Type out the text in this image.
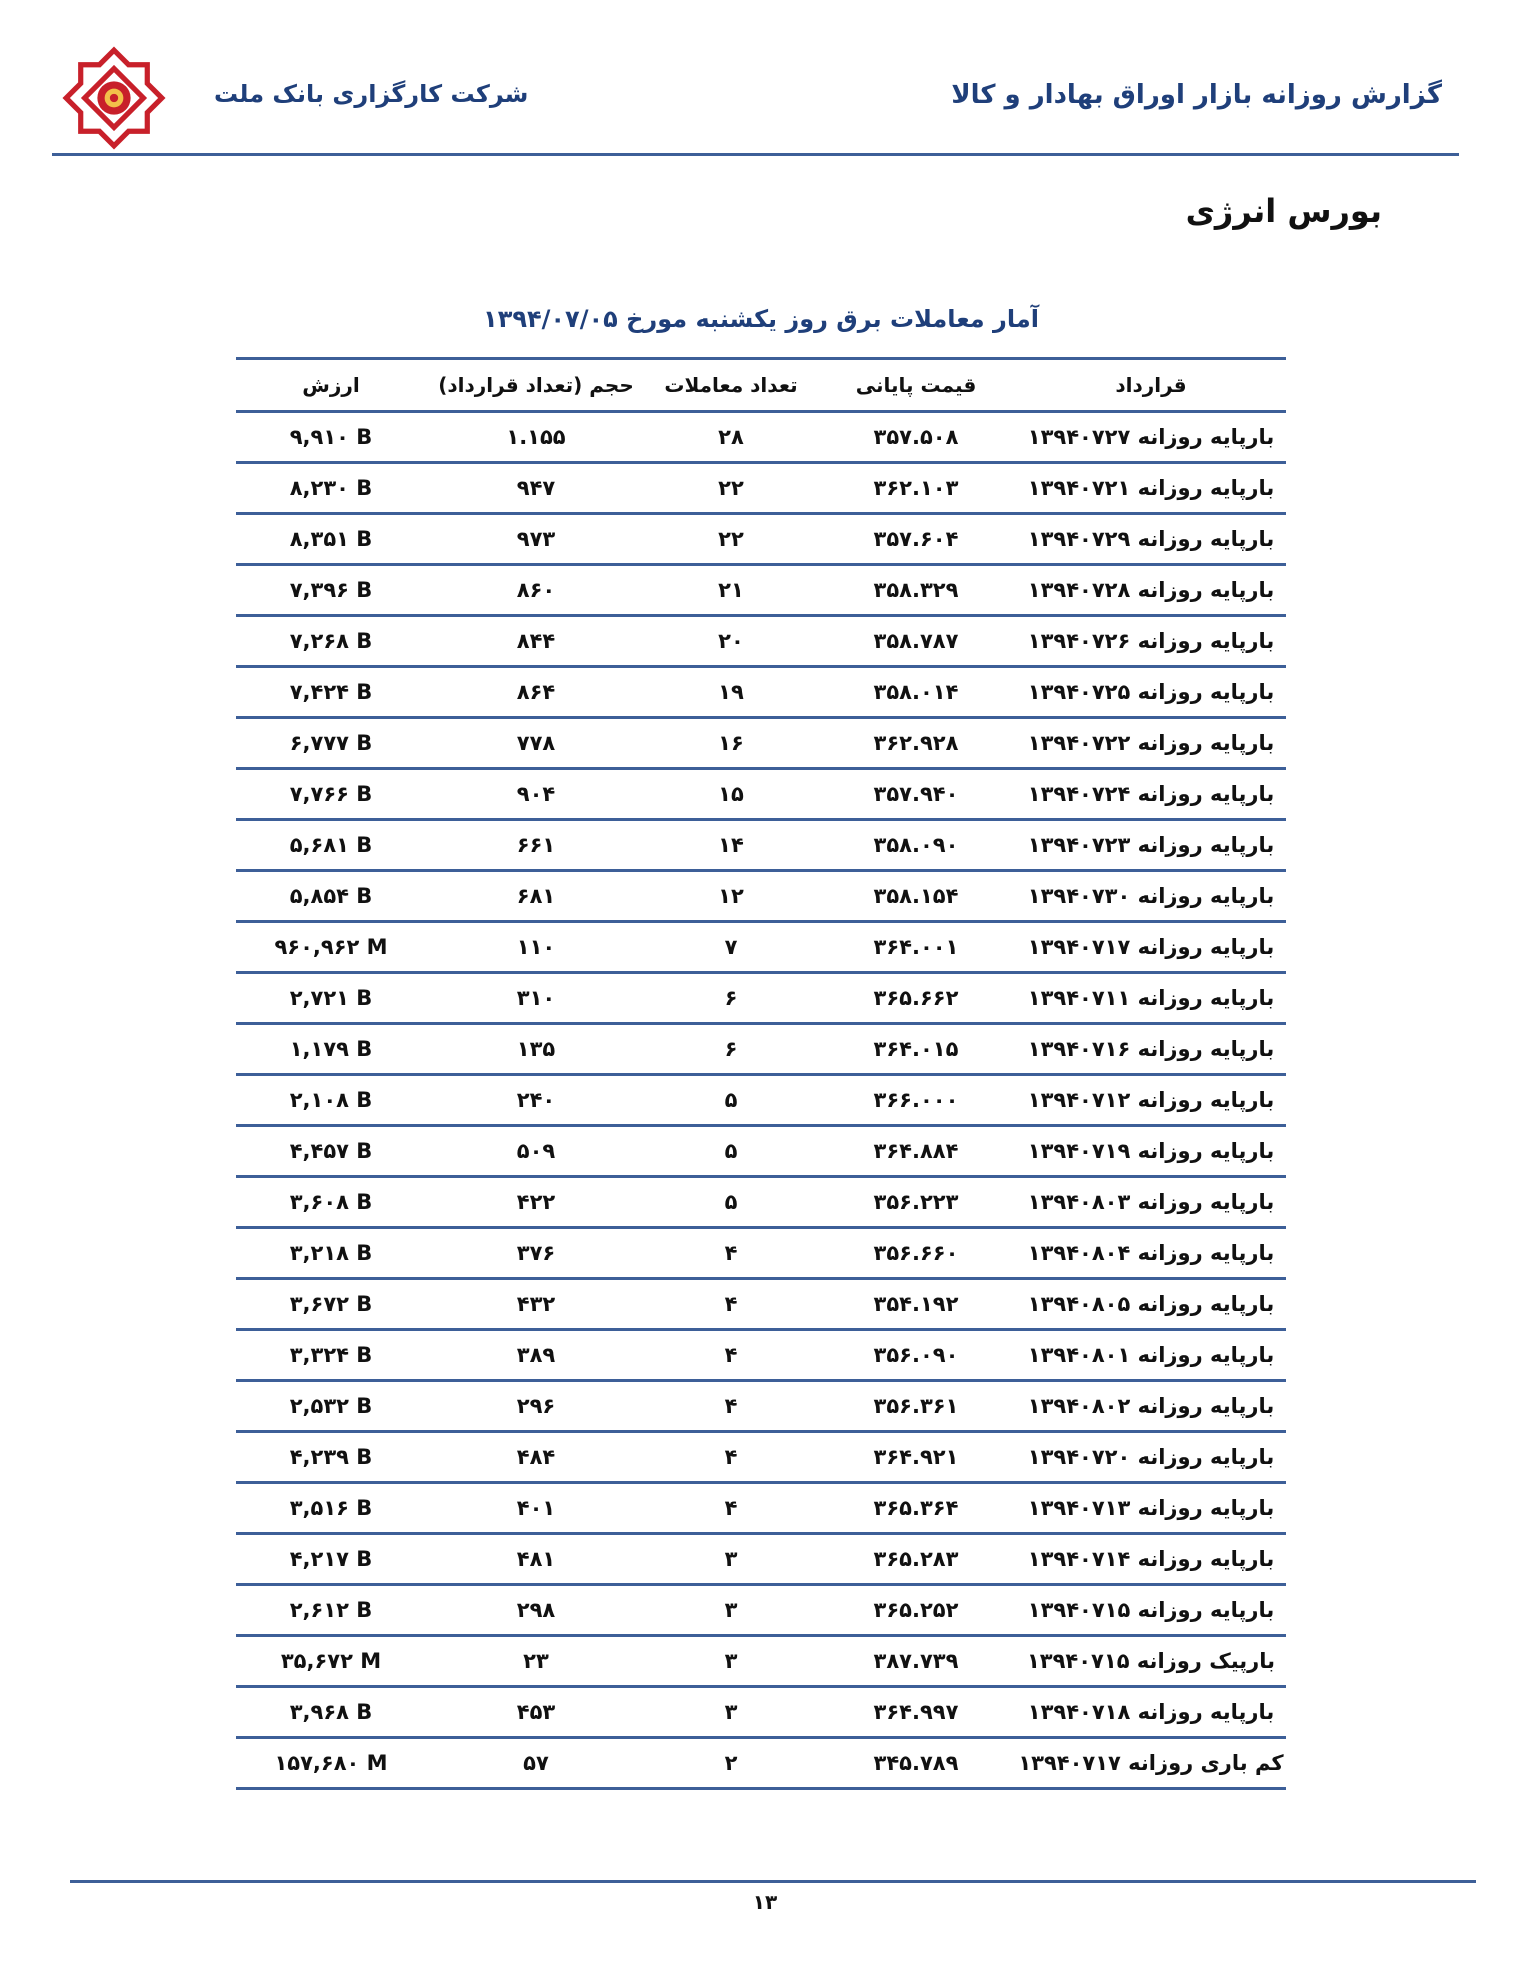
شرکت کارگزاری بانک ملت	گزارش روزانه بازار اوراق بهادار و کالا
بورس انرژی
آمار معاملات برق روز یکشنبه مورخ ۱۳۹۴/۰۷/۰۵
قرارداد	قیمت پایانی	تعداد معاملات	حجم (تعداد قرارداد)	ارزش
بارپایه روزانه ۱۳۹۴۰۷۲۷	۳۵۷.۵۰۸	۲۸	۱.۱۵۵	۹,۹۱۰ B
بارپایه روزانه ۱۳۹۴۰۷۲۱	۳۶۲.۱۰۳	۲۲	۹۴۷	۸,۲۳۰ B
بارپایه روزانه ۱۳۹۴۰۷۲۹	۳۵۷.۶۰۴	۲۲	۹۷۳	۸,۳۵۱ B
بارپایه روزانه ۱۳۹۴۰۷۲۸	۳۵۸.۳۲۹	۲۱	۸۶۰	۷,۳۹۶ B
بارپایه روزانه ۱۳۹۴۰۷۲۶	۳۵۸.۷۸۷	۲۰	۸۴۴	۷,۲۶۸ B
بارپایه روزانه ۱۳۹۴۰۷۲۵	۳۵۸.۰۱۴	۱۹	۸۶۴	۷,۴۲۴ B
بارپایه روزانه ۱۳۹۴۰۷۲۲	۳۶۲.۹۲۸	۱۶	۷۷۸	۶,۷۷۷ B
بارپایه روزانه ۱۳۹۴۰۷۲۴	۳۵۷.۹۴۰	۱۵	۹۰۴	۷,۷۶۶ B
بارپایه روزانه ۱۳۹۴۰۷۲۳	۳۵۸.۰۹۰	۱۴	۶۶۱	۵,۶۸۱ B
بارپایه روزانه ۱۳۹۴۰۷۳۰	۳۵۸.۱۵۴	۱۲	۶۸۱	۵,۸۵۴ B
بارپایه روزانه ۱۳۹۴۰۷۱۷	۳۶۴.۰۰۱	۷	۱۱۰	۹۶۰,۹۶۲ M
بارپایه روزانه ۱۳۹۴۰۷۱۱	۳۶۵.۶۶۲	۶	۳۱۰	۲,۷۲۱ B
بارپایه روزانه ۱۳۹۴۰۷۱۶	۳۶۴.۰۱۵	۶	۱۳۵	۱,۱۷۹ B
بارپایه روزانه ۱۳۹۴۰۷۱۲	۳۶۶.۰۰۰	۵	۲۴۰	۲,۱۰۸ B
بارپایه روزانه ۱۳۹۴۰۷۱۹	۳۶۴.۸۸۴	۵	۵۰۹	۴,۴۵۷ B
بارپایه روزانه ۱۳۹۴۰۸۰۳	۳۵۶.۲۲۳	۵	۴۲۲	۳,۶۰۸ B
بارپایه روزانه ۱۳۹۴۰۸۰۴	۳۵۶.۶۶۰	۴	۳۷۶	۳,۲۱۸ B
بارپایه روزانه ۱۳۹۴۰۸۰۵	۳۵۴.۱۹۲	۴	۴۳۲	۳,۶۷۲ B
بارپایه روزانه ۱۳۹۴۰۸۰۱	۳۵۶.۰۹۰	۴	۳۸۹	۳,۳۲۴ B
بارپایه روزانه ۱۳۹۴۰۸۰۲	۳۵۶.۳۶۱	۴	۲۹۶	۲,۵۳۲ B
بارپایه روزانه ۱۳۹۴۰۷۲۰	۳۶۴.۹۲۱	۴	۴۸۴	۴,۲۳۹ B
بارپایه روزانه ۱۳۹۴۰۷۱۳	۳۶۵.۳۶۴	۴	۴۰۱	۳,۵۱۶ B
بارپایه روزانه ۱۳۹۴۰۷۱۴	۳۶۵.۲۸۳	۳	۴۸۱	۴,۲۱۷ B
بارپایه روزانه ۱۳۹۴۰۷۱۵	۳۶۵.۲۵۲	۳	۲۹۸	۲,۶۱۲ B
بارپیک روزانه ۱۳۹۴۰۷۱۵	۳۸۷.۷۳۹	۳	۲۳	۳۵,۶۷۲ M
بارپایه روزانه ۱۳۹۴۰۷۱۸	۳۶۴.۹۹۷	۳	۴۵۳	۳,۹۶۸ B
کم باری روزانه ۱۳۹۴۰۷۱۷	۳۴۵.۷۸۹	۲	۵۷	۱۵۷,۶۸۰ M
۱۳
